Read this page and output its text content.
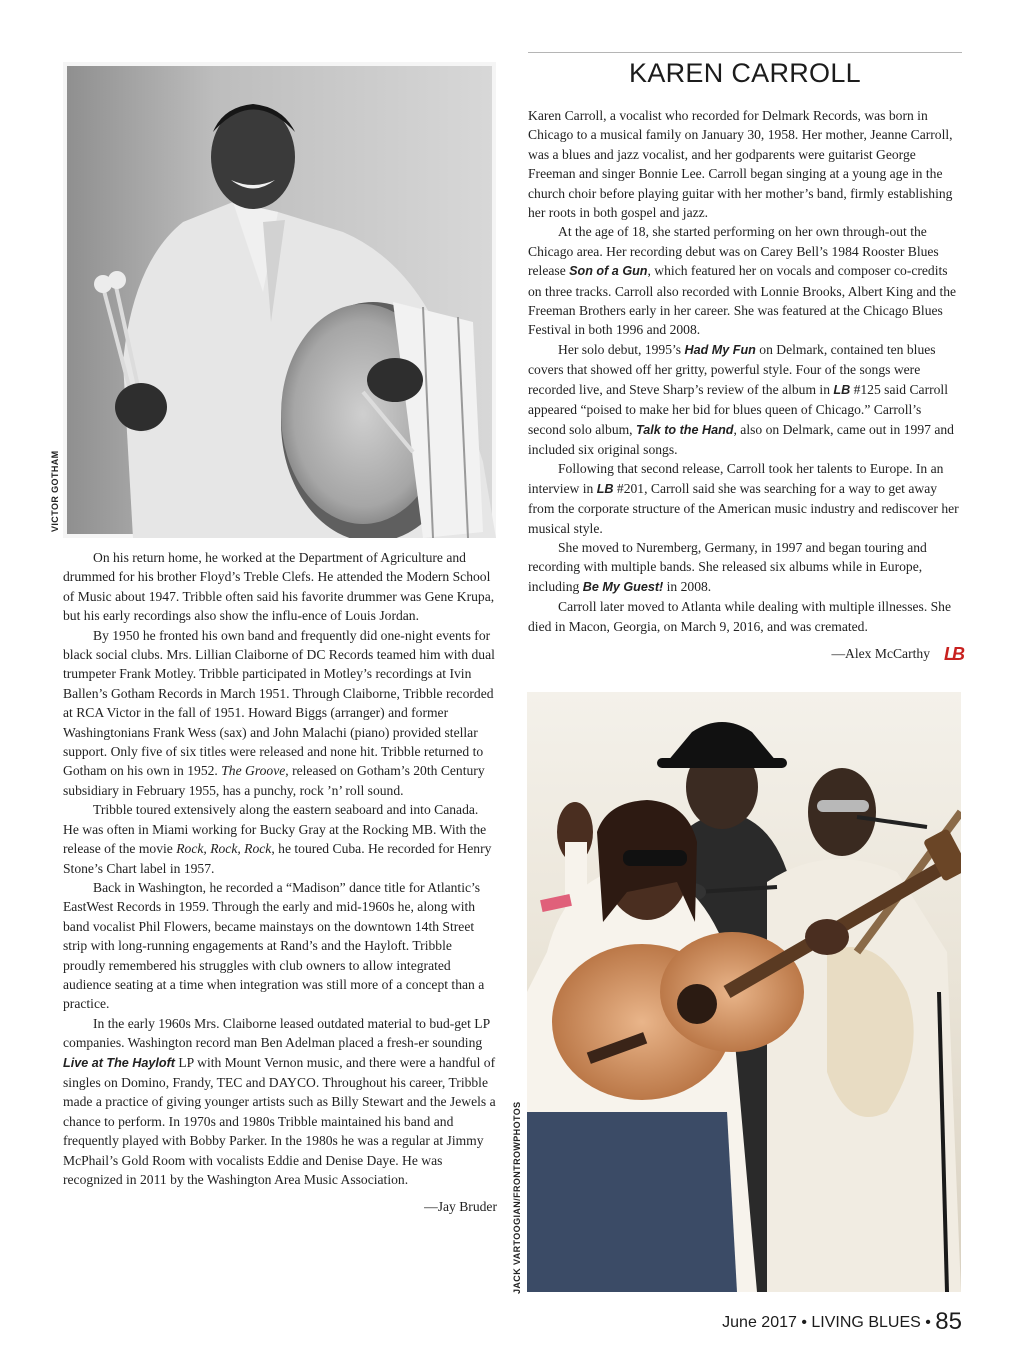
VICTOR GOTHAM

On his return home, he worked at the Department of Agriculture and drummed for his brother Floyd’s Treble Clefs. He attended the Modern School of Music about 1947. Tribble often said his favorite drummer was Gene Krupa, but his early recordings also show the influ-ence of Louis Jordan.

By 1950 he fronted his own band and frequently did one-night events for black social clubs. Mrs. Lillian Claiborne of DC Records teamed him with dual trumpeter Frank Motley. Tribble participated in Motley’s recordings at Ivin Ballen’s Gotham Records in March 1951. Through Claiborne, Tribble recorded at RCA Victor in the fall of 1951. Howard Biggs (arranger) and former Washingtonians Frank Wess (sax) and John Malachi (piano) provided stellar support. Only five of six titles were released and none hit. Tribble returned to Gotham on his own in 1952. The Groove, released on Gotham’s 20th Century subsidiary in February 1955, has a punchy, rock ’n’ roll sound.

Tribble toured extensively along the eastern seaboard and into Canada. He was often in Miami working for Bucky Gray at the Rocking MB. With the release of the movie Rock, Rock, Rock, he toured Cuba. He recorded for Henry Stone’s Chart label in 1957.

Back in Washington, he recorded a “Madison” dance title for Atlantic’s EastWest Records in 1959. Through the early and mid-1960s he, along with band vocalist Phil Flowers, became mainstays on the downtown 14th Street strip with long-running engagements at Rand’s and the Hayloft. Tribble proudly remembered his struggles with club owners to allow integrated audience seating at a time when integration was still more of a concept than a practice.

In the early 1960s Mrs. Claiborne leased outdated material to bud-get LP companies. Washington record man Ben Adelman placed a fresh-er sounding Live at The Hayloft LP with Mount Vernon music, and there were a handful of singles on Domino, Frandy, TEC and DAYCO. Throughout his career, Tribble made a practice of giving younger artists such as Billy Stewart and the Jewels a chance to perform. In 1970s and 1980s Tribble maintained his band and frequently played with Bobby Parker. In the 1980s he was a regular at Jimmy McPhail’s Gold Room with vocalists Eddie and Denise Daye. He was recognized in 2011 by the Washington Area Music Association.

—Jay Bruder
KAREN CARROLL

Karen Carroll, a vocalist who recorded for Delmark Records, was born in Chicago to a musical family on January 30, 1958. Her mother, Jeanne Carroll, was a blues and jazz vocalist, and her godparents were guitarist George Freeman and singer Bonnie Lee. Carroll began singing at a young age in the church choir before playing guitar with her mother’s band, firmly establishing her roots in both gospel and jazz.

At the age of 18, she started performing on her own through-out the Chicago area. Her recording debut was on Carey Bell’s 1984 Rooster Blues release Son of a Gun, which featured her on vocals and composer co-credits on three tracks. Carroll also recorded with Lonnie Brooks, Albert King and the Freeman Brothers early in her career. She was featured at the Chicago Blues Festival in both 1996 and 2008.

Her solo debut, 1995’s Had My Fun on Delmark, contained ten blues covers that showed off her gritty, powerful style. Four of the songs were recorded live, and Steve Sharp’s review of the album in LB #125 said Carroll appeared “poised to make her bid for blues queen of Chicago.” Carroll’s second solo album, Talk to the Hand, also on Delmark, came out in 1997 and included six original songs.

Following that second release, Carroll took her talents to Europe. In an interview in LB #201, Carroll said she was searching for a way to get away from the corporate structure of the American music industry and rediscover her musical style.

She moved to Nuremberg, Germany, in 1997 and began touring and recording with multiple bands. She released six albums while in Europe, including Be My Guest! in 2008.

Carroll later moved to Atlanta while dealing with multiple illnesses. She died in Macon, Georgia, on March 9, 2016, and was cremated.

—Alex McCarthy LB
JACK VARTOOGIAN/FRONTROWPHOTOS
June 2017 • LIVING BLUES • 85
